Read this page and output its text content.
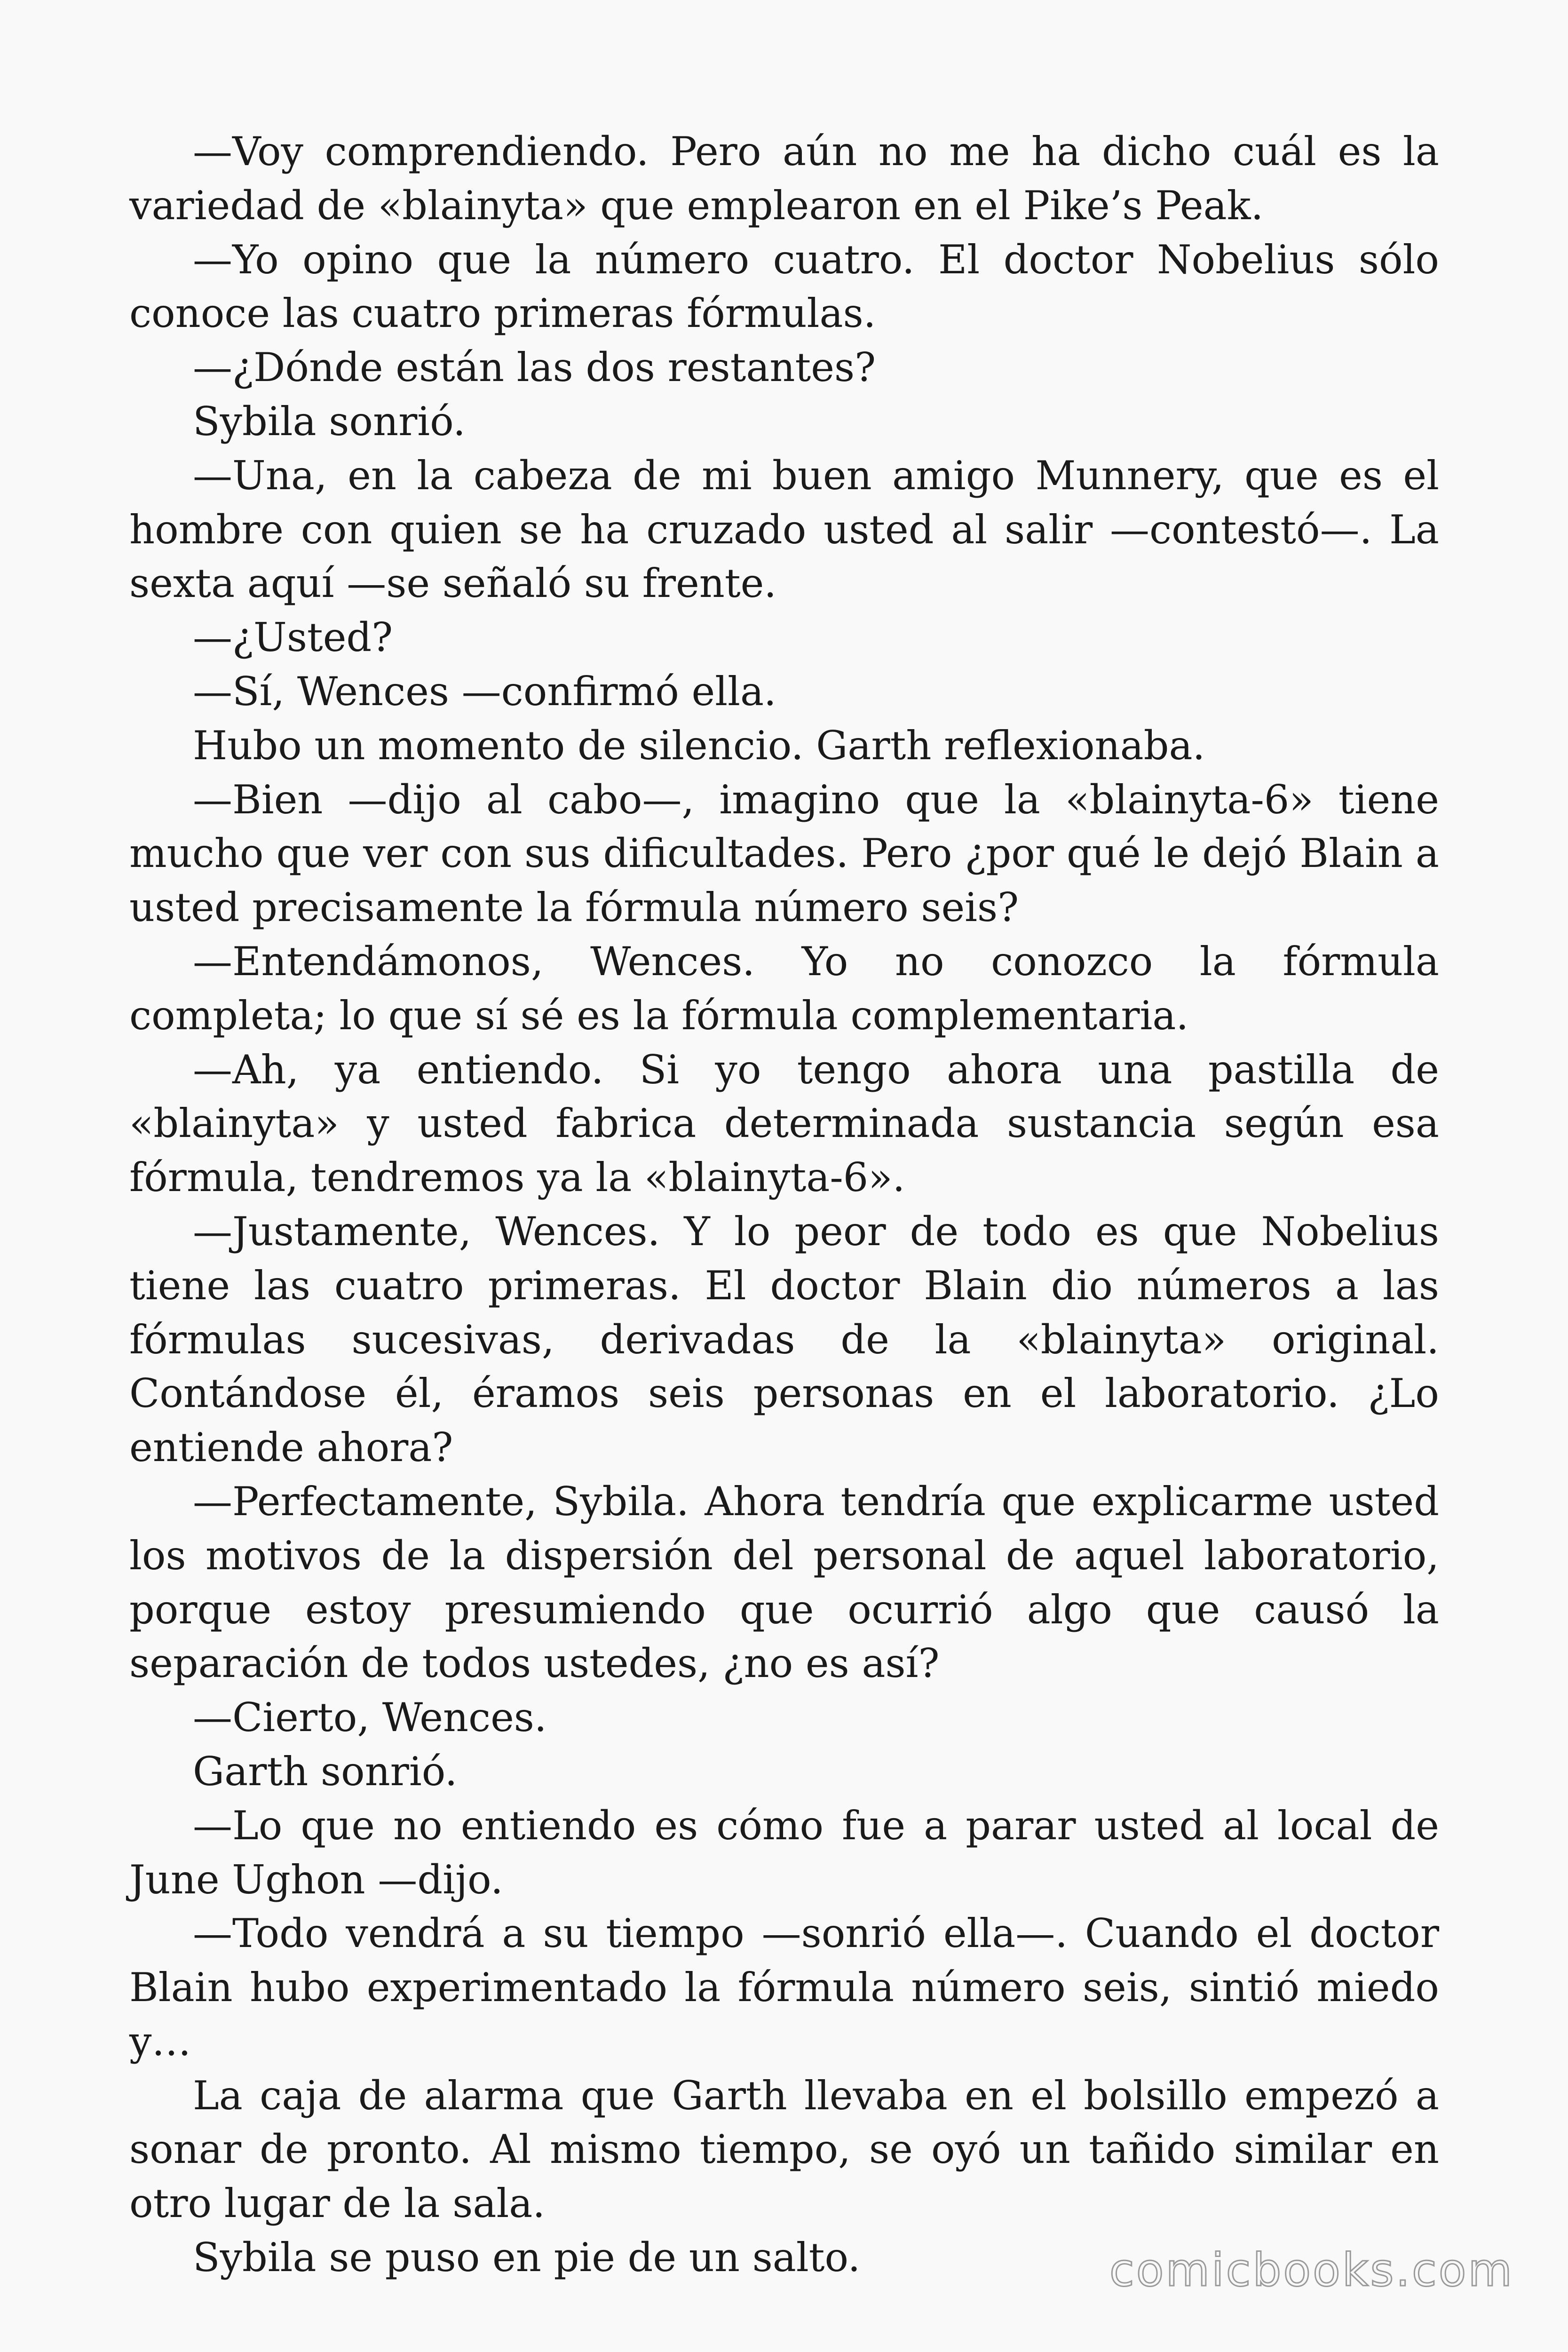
—Voy comprendiendo. Pero aún no me ha dicho cuál es la variedad de «blainyta» que emplearon en el Pike’s Peak.

—Yo opino que la número cuatro. El doctor Nobelius sólo conoce las cuatro primeras fórmulas.

—¿Dónde están las dos restantes?

Sybila sonrió.

—Una, en la cabeza de mi buen amigo Munnery, que es el hombre con quien se ha cruzado usted al salir —contestó—. La sexta aquí —se señaló su frente.

—¿Usted?

—Sí, Wences —confirmó ella.

Hubo un momento de silencio. Garth reflexionaba.

—Bien —dijo al cabo—, imagino que la «blainyta-6» tiene mucho que ver con sus dificultades. Pero ¿por qué le dejó Blain a usted precisamente la fórmula número seis?

—Entendámonos, Wences. Yo no conozco la fórmula completa; lo que sí sé es la fórmula complementaria.

—Ah, ya entiendo. Si yo tengo ahora una pastilla de «blainyta» y usted fabrica determinada sustancia según esa fórmula, tendremos ya la «blainyta-6».

—Justamente, Wences. Y lo peor de todo es que Nobelius tiene las cuatro primeras. El doctor Blain dio números a las fórmulas sucesivas, derivadas de la «blainyta» original. Contándose él, éramos seis personas en el laboratorio. ¿Lo entiende ahora?

—Perfectamente, Sybila. Ahora tendría que explicarme usted los motivos de la dispersión del personal de aquel laboratorio, porque estoy presumiendo que ocurrió algo que causó la separación de todos ustedes, ¿no es así?

—Cierto, Wences.

Garth sonrió.

—Lo que no entiendo es cómo fue a parar usted al local de June Ughon —dijo.

—Todo vendrá a su tiempo —sonrió ella—. Cuando el doctor Blain hubo experimentado la fórmula número seis, sintió miedo y…

La caja de alarma que Garth llevaba en el bolsillo empezó a sonar de pronto. Al mismo tiempo, se oyó un tañido similar en otro lugar de la sala.

Sybila se puso en pie de un salto.	comicbooks.com
